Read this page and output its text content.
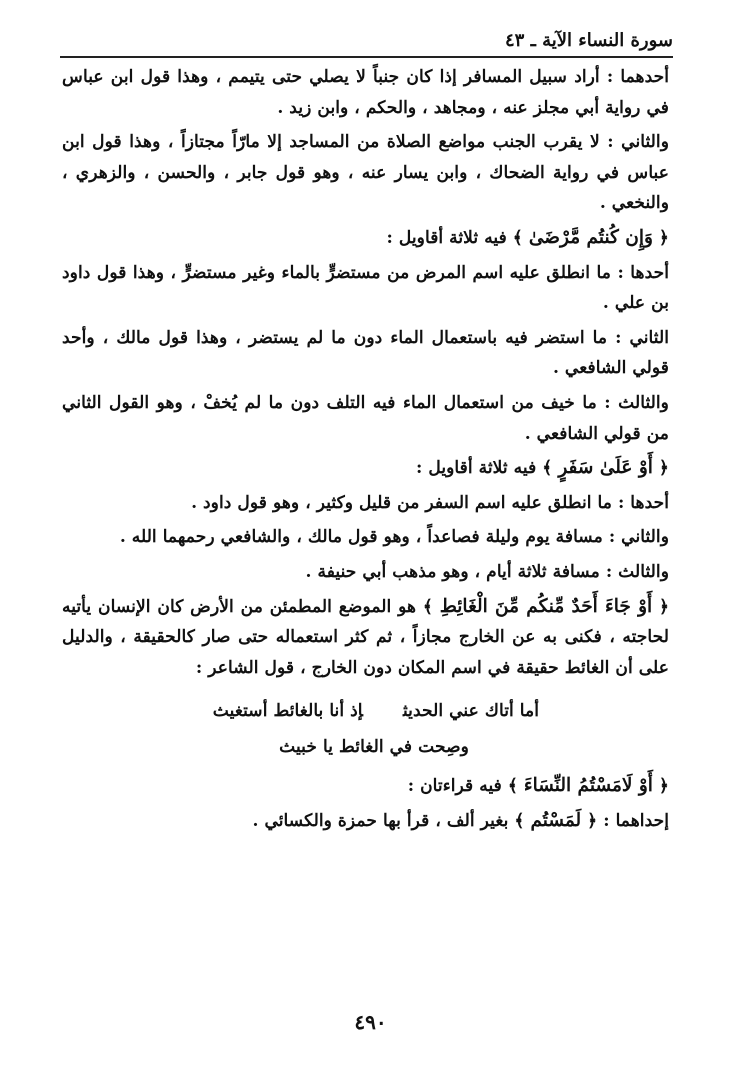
سورة النساء الآية ـ ٤٣

أحدهما : أراد سبيل المسافر إذا كان جنباً لا يصلي حتى يتيمم ، وهذا قول ابن عباس في رواية أبي مجلز عنه ، ومجاهد ، والحكم ، وابن زيد .

والثاني : لا يقرب الجنب مواضع الصلاة من المساجد إلا مارّاً مجتازاً ، وهذا قول ابن عباس في رواية الضحاك ، وابن يسار عنه ، وهو قول جابر ، والحسن ، والزهري ، والنخعي .

﴿ وَإِن كُنتُم مَّرْضَىٰ ﴾ فيه ثلاثة أقاويل :

أحدها : ما انطلق عليه اسم المرض من مستضرٍّ بالماء وغير مستضرٍّ ، وهذا قول داود بن علي .

الثاني : ما استضر فيه باستعمال الماء دون ما لم يستضر ، وهذا قول مالك ، وأحد قولي الشافعي .

والثالث : ما خيف من استعمال الماء فيه التلف دون ما لم يُخفْ ، وهو القول الثاني من قولي الشافعي .

﴿ أَوْ عَلَىٰ سَفَرٍ ﴾ فيه ثلاثة أقاويل :

أحدها : ما انطلق عليه اسم السفر من قليل وكثير ، وهو قول داود .

والثاني : مسافة يوم وليلة فصاعداً ، وهو قول مالك ، والشافعي رحمهما الله .

والثالث : مسافة ثلاثة أيام ، وهو مذهب أبي حنيفة .

﴿ أَوْ جَاءَ أَحَدٌ مِّنكُم مِّنَ الْغَائِطِ ﴾ هو الموضع المطمئن من الأرض كان الإنسان يأتيه لحاجته ، فكنى به عن الخارج مجازاً ، ثم كثر استعماله حتى صار كالحقيقة ، والدليل على أن الغائط حقيقة في اسم المكان دون الخارج ، قول الشاعر :

أما أتاك عني الحديثإذ أنا بالغائط أستغيث
وصِحت في الغائط يا خبيث

﴿ أَوْ لَامَسْتُمُ النِّسَاءَ ﴾ فيه قراءتان :

إحداهما : ﴿ لَمَسْتُم ﴾ بغير ألف ، قرأ بها حمزة والكسائي .

٤٩٠
